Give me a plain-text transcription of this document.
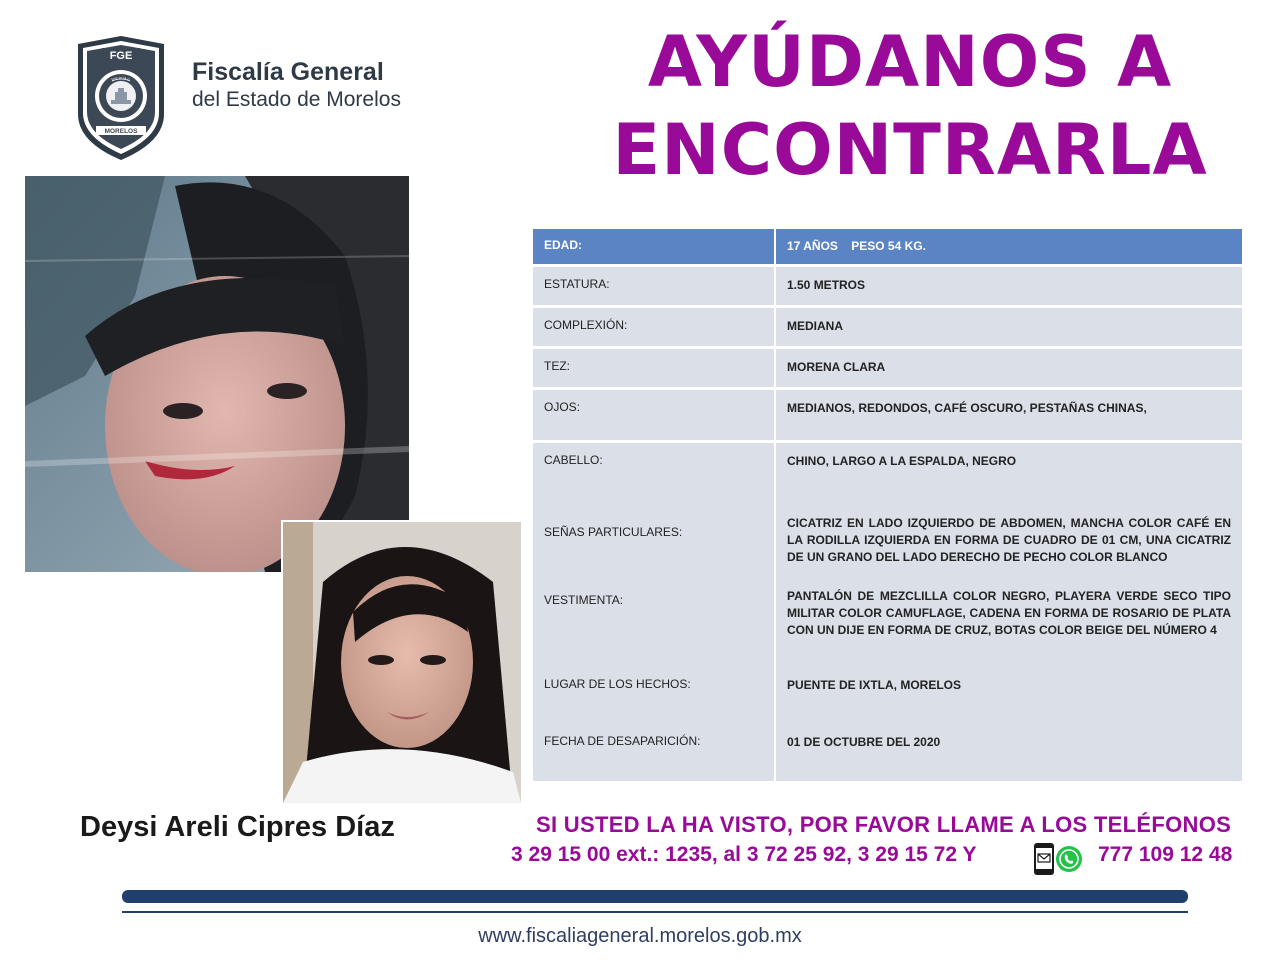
FGE
FISCALÍA G
MORELOS
Fiscalía General
del Estado de Morelos	AYÚDANOS A
ENCONTRARLA
Deysi Areli Cipres Díaz
EDAD:	17 AÑOS    PESO 54 KG.
ESTATURA:	1.50 METROS
COMPLEXIÓN:	MEDIANA
TEZ:	MORENA CLARA
OJOS:	MEDIANOS, REDONDOS, CAFÉ OSCURO, PESTAÑAS CHINAS,
CABELLO:	CHINO, LARGO A LA ESPALDA, NEGRO
SEÑAS PARTICULARES:
CICATRIZ EN LADO IZQUIERDO DE ABDOMEN, MANCHA COLOR CAFÉ EN LA RODILLA IZQUIERDA EN FORMA DE CUADRO DE 01 CM, UNA CICATRIZ DE UN GRANO DEL LADO DERECHO DE PECHO COLOR BLANCO
VESTIMENTA:	PANTALÓN DE MEZCLILLA COLOR NEGRO, PLAYERA VERDE SECO TIPO MILITAR COLOR CAMUFLAGE, CADENA EN FORMA DE ROSARIO DE PLATA CON UN DIJE EN FORMA DE CRUZ, BOTAS COLOR BEIGE DEL NÚMERO 4
LUGAR DE LOS HECHOS:	PUENTE DE IXTLA, MORELOS
FECHA DE DESAPARICIÓN:	01 DE OCTUBRE DEL 2020
SI USTED LA HA VISTO, POR FAVOR LLAME A LOS TELÉFONOS
3 29 15 00 ext.: 1235, al 3 72 25 92, 3 29 15 72 Y	777 109 12 48
www.fiscaliageneral.morelos.gob.mx
